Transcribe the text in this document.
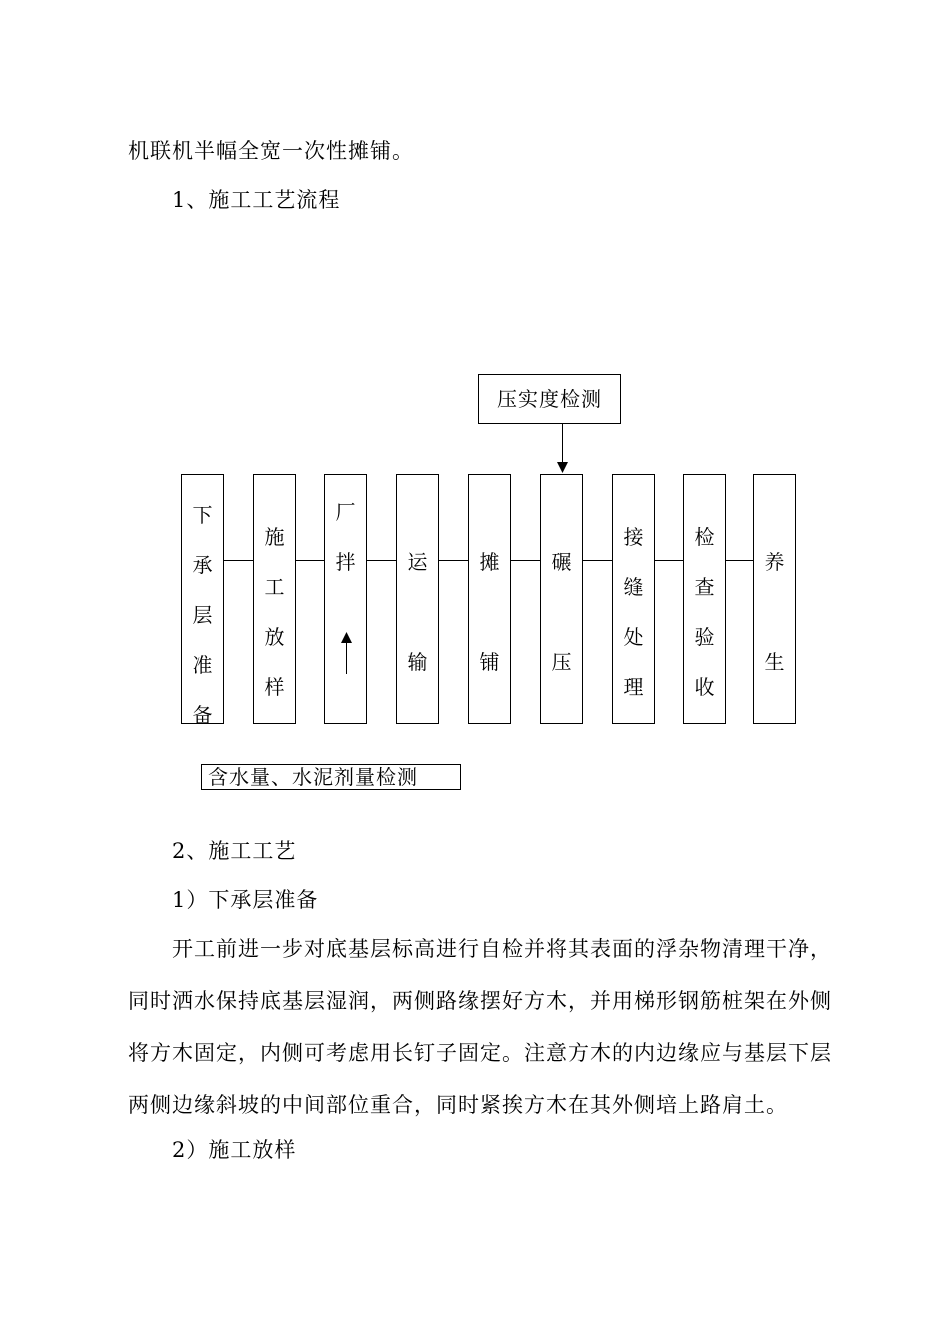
机联机半幅全宽一次性摊铺。
1、施工工艺流程
压实度检测
下
承
层
准
备
施
工
放
样
厂
拌	运
输
摊
铺
碾
压
接
缝
处
理
检
查
验
收
养
生
含水量、水泥剂量检测
2、施工工艺
1）下承层准备
　　开工前进一步对底基层标高进行自检并将其表面的浮杂物清理干净，
同时洒水保持底基层湿润，两侧路缘摆好方木，并用梯形钢筋桩架在外侧
将方木固定，内侧可考虑用长钉子固定。注意方木的内边缘应与基层下层
两侧边缘斜坡的中间部位重合，同时紧挨方木在其外侧培上路肩土。
2）施工放样
